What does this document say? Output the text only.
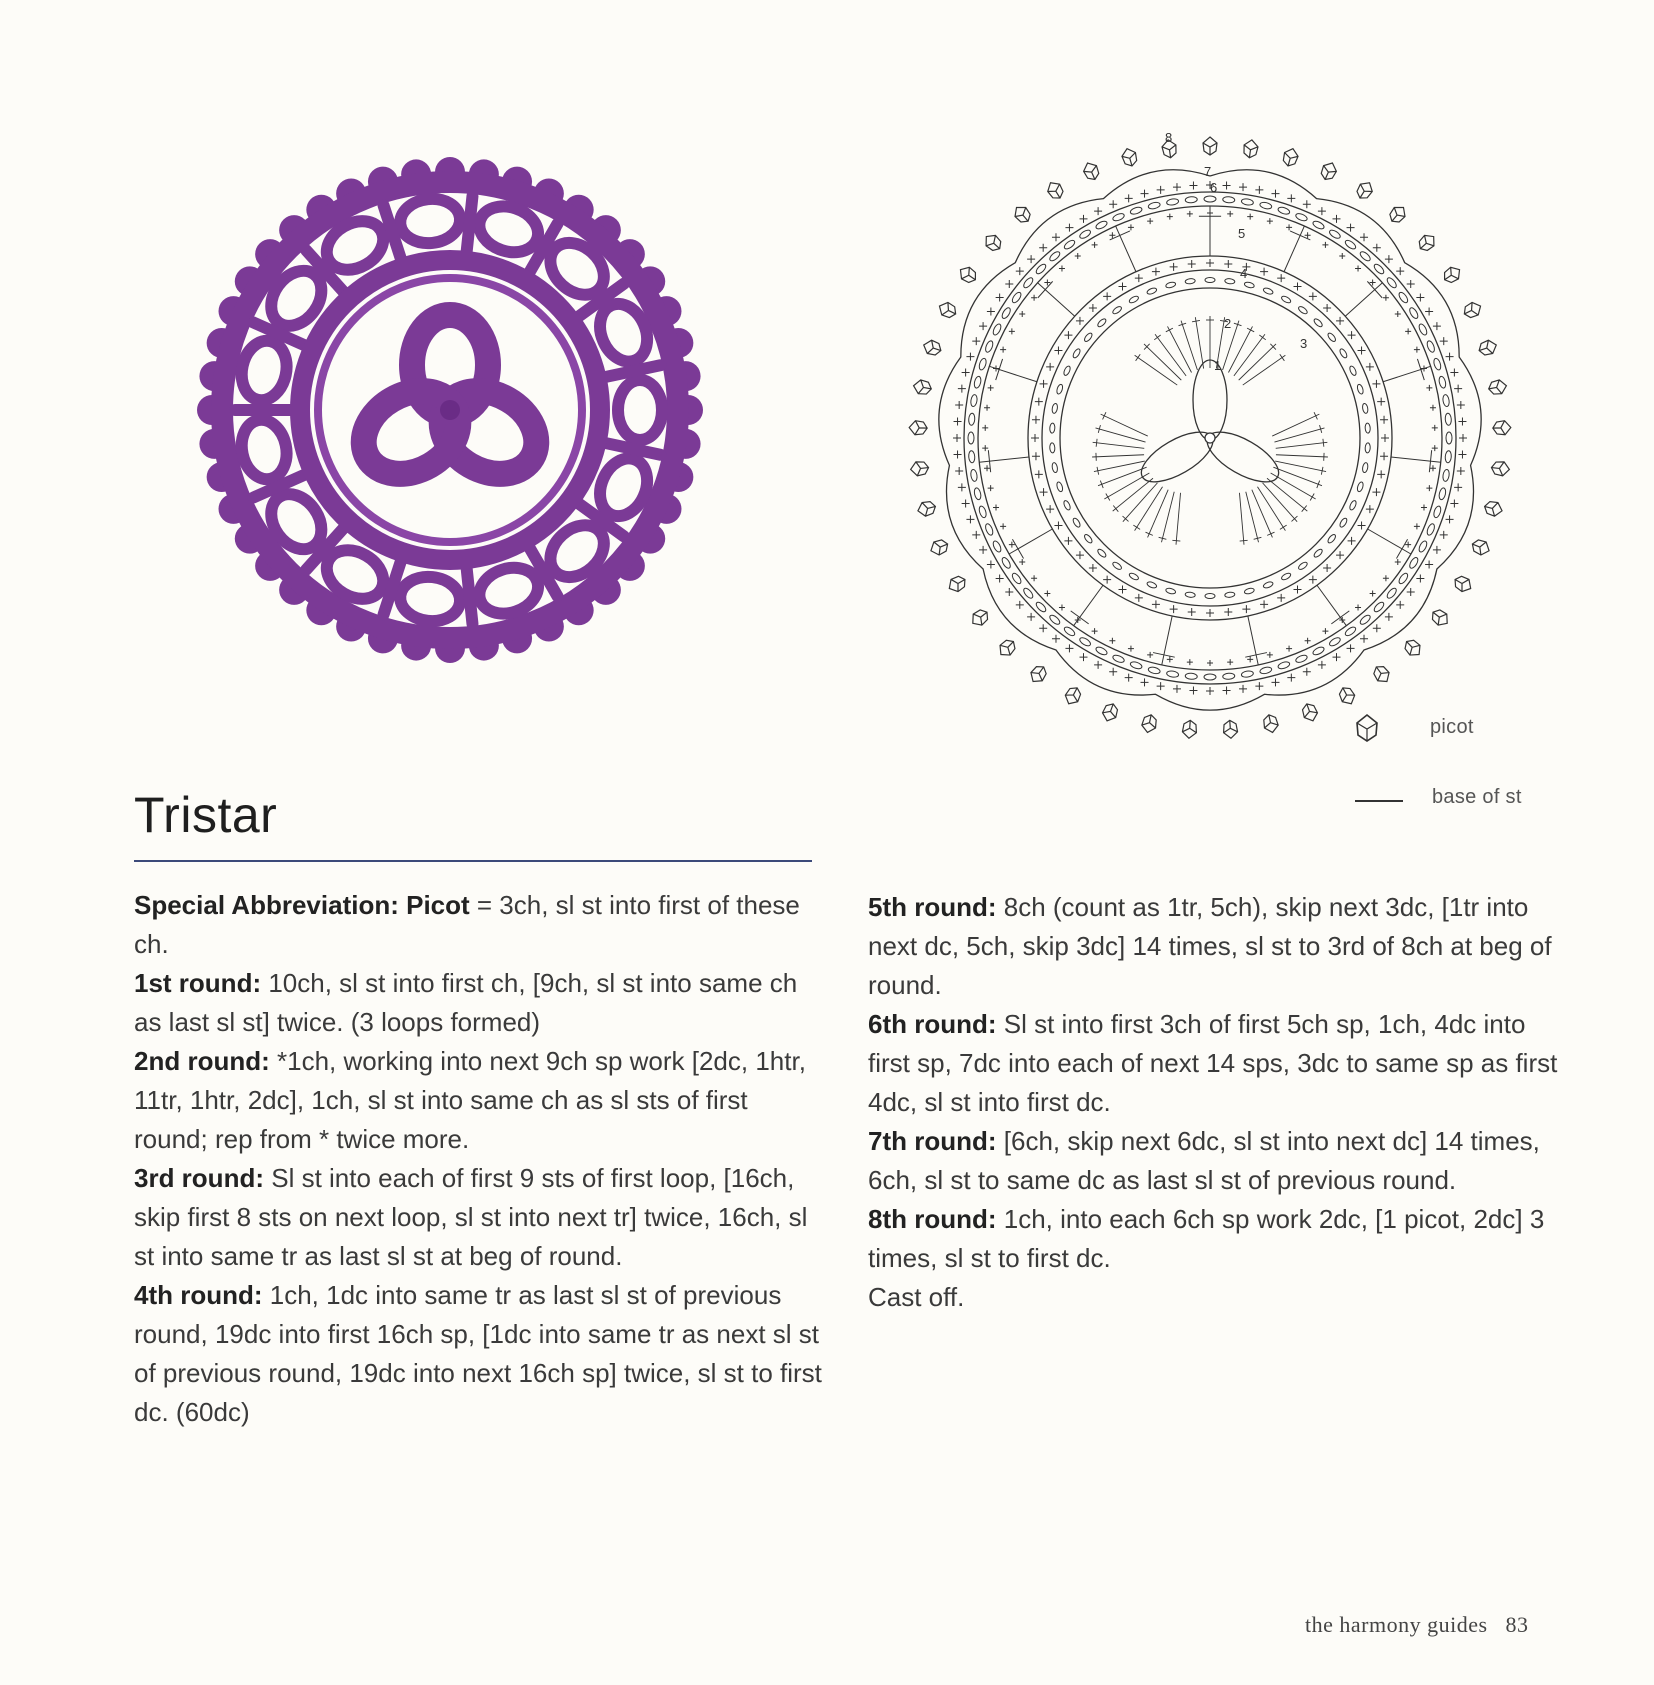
1
2
3
4
5
6
7
8
picot
base of st
Tristar

Special Abbreviation: Picot = 3ch, sl st into first of these ch.

1st round: 10ch, sl st into first ch, [9ch, sl st into same ch as last sl st] twice. (3 loops formed)

2nd round: *1ch, working into next 9ch sp work [2dc, 1htr, 11tr, 1htr, 2dc], 1ch, sl st into same ch as sl sts of first round; rep from * twice more.

3rd round: Sl st into each of first 9 sts of first loop, [16ch, skip first 8 sts on next loop, sl st into next tr] twice, 16ch, sl st into same tr as last sl st at beg of round.

4th round: 1ch, 1dc into same tr as last sl st of previous round, 19dc into first 16ch sp, [1dc into same tr as next sl st of previous round, 19dc into next 16ch sp] twice, sl st to first dc. (60dc)

5th round: 8ch (count as 1tr, 5ch), skip next 3dc, [1tr into next dc, 5ch, skip 3dc] 14 times, sl st to 3rd of 8ch at beg of round.

6th round: Sl st into first 3ch of first 5ch sp, 1ch, 4dc into first sp, 7dc into each of next 14 sps, 3dc to same sp as first 4dc, sl st into first dc.

7th round: [6ch, skip next 6dc, sl st into next dc] 14 times, 6ch, sl st to same dc as last sl st of previous round.

8th round: 1ch, into each 6ch sp work 2dc, [1 picot, 2dc] 3 times, sl st to first dc.

Cast off.

the harmony guides 83
